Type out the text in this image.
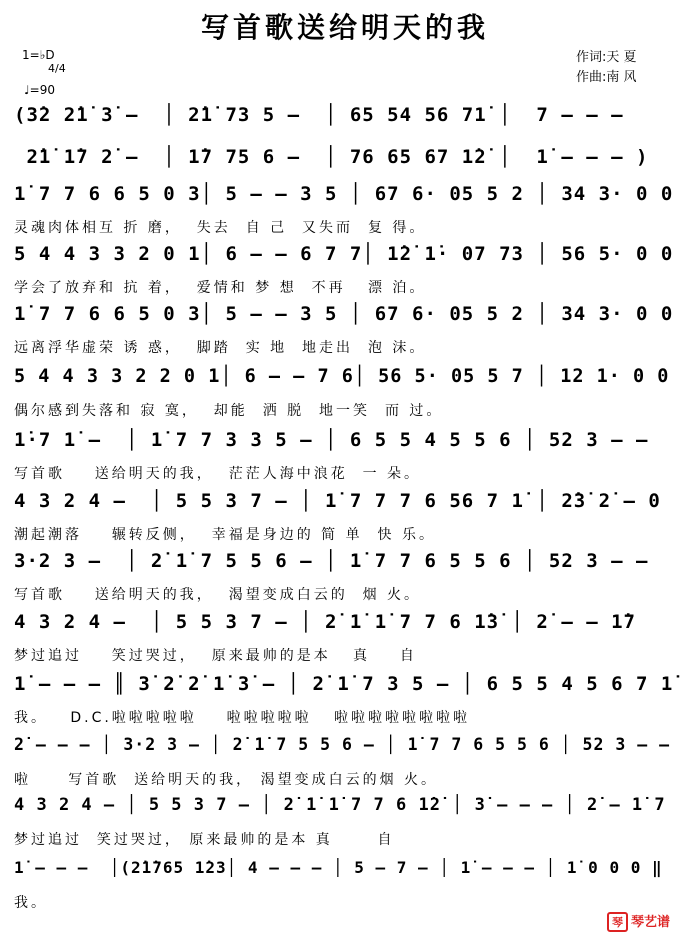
写首歌送给明天的我
1=♭D
4/4
♩=90
作词:天 夏
作曲:南 风
(3̇2 2̇1̇ 3̇ –  │ 2̇1̇ 73 5 –  │ 65 54 56 71̇ │  7 – – –
2̇1̇ 1̇7 2̇ –  │ 1̇7 75 6 –  │ 76 65 67 1̇2̇ │  1̇ – – – )
1̇ 7 7 6 6 5 0 3│ 5 – – 3 5 │ 67 6· 05 5 2 │ 34 3· 0 0
灵魂肉体相互 折 磨，  失去  自 己  又失而  复 得。
5 4 4 3 3 2 0 1│ 6 – – 6 7 7│ 1̇2̇ 1̇· 07 73 │ 56 5· 0 0
学会了放弃和 抗 着，  爱情和 梦 想  不再   漂 泊。
1̇ 7 7 6 6 5 0 3│ 5 – – 3 5 │ 67 6· 05 5 2 │ 34 3· 0 0
远离浮华虚荣 诱 惑，  脚踏  实 地  地走出  泡 沫。
5 4 4 3 3 2 2 0 1│ 6 – – 7 6│ 56 5· 05 5 7 │ 12 1· 0 0
偶尔感到失落和 寂 寞，  却能  洒 脱  地一笑  而 过。
1̇·7 1̇ –  │ 1̇ 7 7 3 3 5 – │ 6 5 5 4 5 5 6 │ 52 3 – –
写首歌    送给明天的我，  茫茫人海中浪花  一 朵。
4 3 2 4 –  │ 5 5 3 7 – │ 1̇ 7 7 7 6 56 7 1̇ │ 2̇3̇ 2̇ – 0
潮起潮落    辗转反侧，  幸福是身边的 简 单  快 乐。
3·2 3 –  │ 2̇ 1̇ 7 5 5 6 – │ 1̇ 7 7 6 5 5 6 │ 52 3 – –
写首歌    送给明天的我，  渴望变成白云的  烟 火。
4 3 2 4 –  │ 5 5 3 7 – │ 2̇ 1̇ 1̇ 7 7 6 1̇3̇ │ 2̇ – – 1̇7
梦过追过    笑过哭过，  原来最帅的是本   真    自
1̇ – – – ║ 3̇ 2̇ 2̇ 1̇ 3̇ – │ 2̇ 1̇ 7 3 5 – │ 6 5 5 4 5 6 7 1̇
我。   D.C.啦啦啦啦啦    啦啦啦啦啦   啦啦啦啦啦啦啦啦
2̇ – – – │ 3·2 3 – │ 2̇ 1̇ 7 5 5 6 – │ 1̇ 7 7 6 5 5 6 │ 52 3 – –
啦     写首歌  送给明天的我， 渴望变成白云的烟 火。
4 3 2 4 – │ 5 5 3 7 – │ 2̇ 1̇ 1̇ 7 7 6 1̇2̇ │ 3̇ – – – │ 2̇ – 1̇ 7
梦过追过  笑过哭过， 原来最帅的是本 真      自
1̇ – – –  │(2̇1̇765 1̇23│ 4 – – – │ 5 – 7 – │ 1̇ – – – │ 1̇ 0 0 0 ‖
我。
琴 琴艺谱
